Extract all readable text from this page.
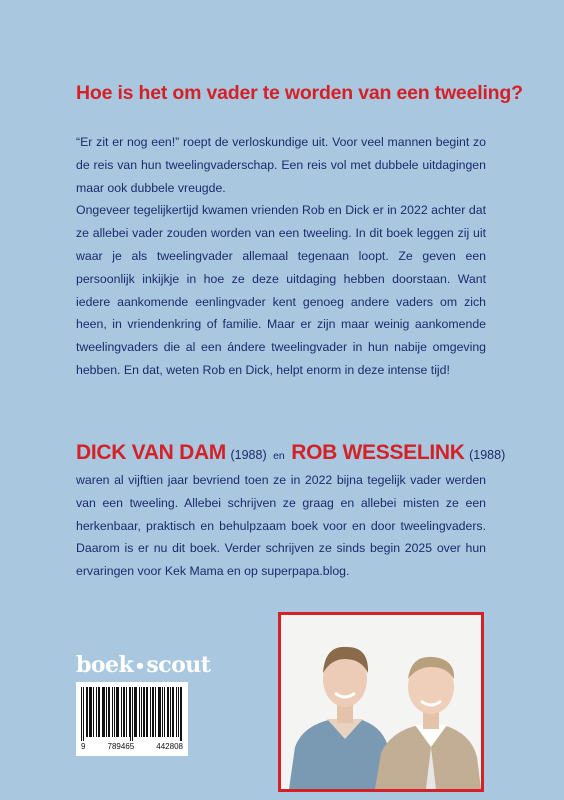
Hoe is het om vader te worden van een tweeling?

“Er zit er nog een!” roept de verloskundige uit. Voor veel mannen begint zo de reis van hun tweelingvaderschap. Een reis vol met dubbele uitdagingen maar ook dubbele vreugde.

Ongeveer tegelijkertijd kwamen vrienden Rob en Dick er in 2022 achter dat ze allebei vader zouden worden van een tweeling. In dit boek leggen zij uit waar je als tweelingvader allemaal tegenaan loopt. Ze geven een persoonlijk inkijkje in hoe ze deze uitdaging hebben doorstaan. Want iedere aankomende eenlingvader kent genoeg andere vaders om zich heen, in vriendenkring of familie. Maar er zijn maar weinig aankomende tweelingvaders die al een ándere tweelingvader in hun nabije omgeving hebben. En dat, weten Rob en Dick, helpt enorm in deze intense tijd!

DICK VAN DAM (1988) en ROB WESSELINK (1988)

waren al vijftien jaar bevriend toen ze in 2022 bijna tegelijk vader werden van een tweeling. Allebei schrijven ze graag en allebei misten ze een herkenbaar, praktisch en behulpzaam boek voor en door tweelingvaders. Daarom is er nu dit boek. Verder schrijven ze sinds begin 2025 over hun ervaringen voor Kek Mama en op superpapa.blog.

boek•scout
9	789465	442808
